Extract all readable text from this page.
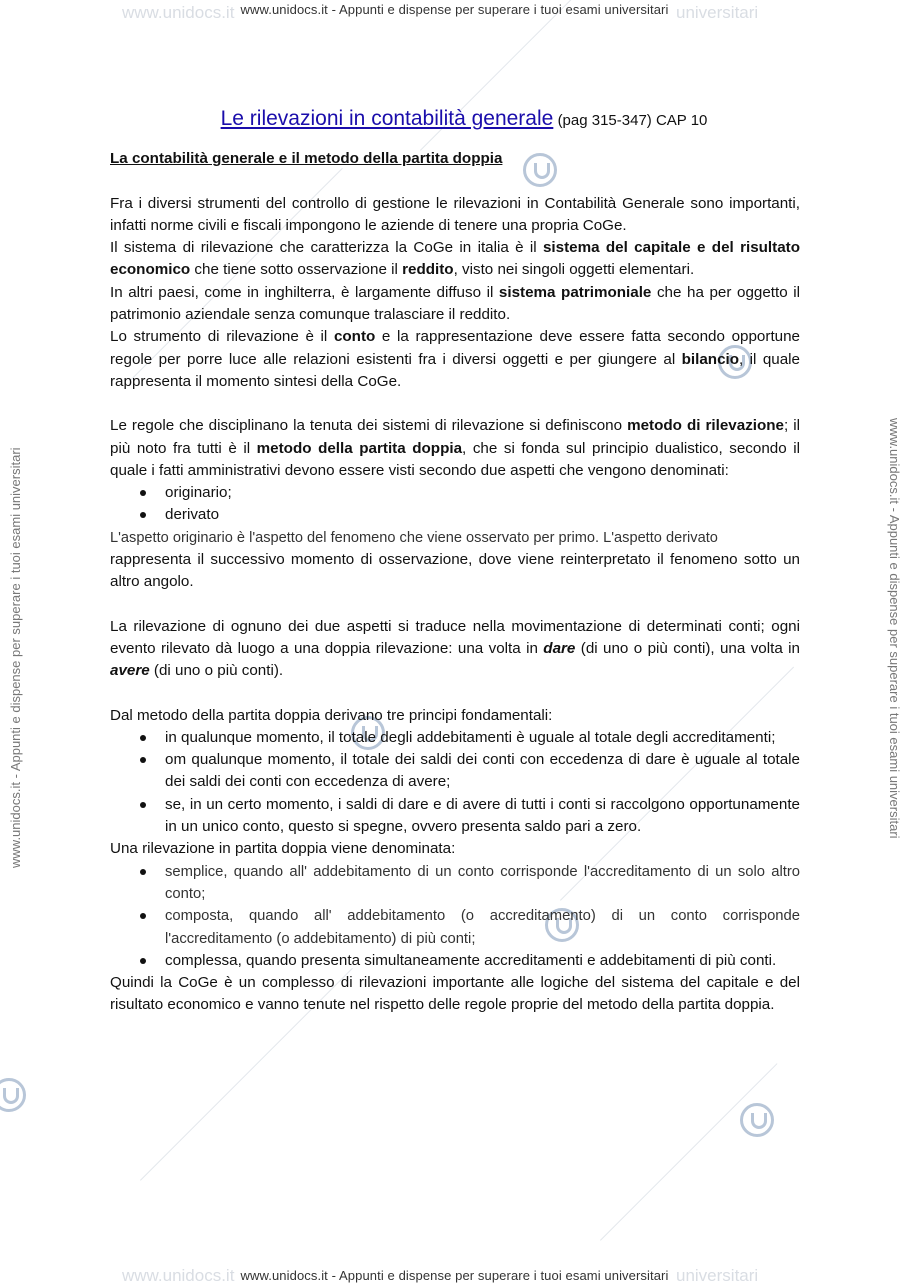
www.unidocs.it	universitari
www.unidocs.it	universitari
www.unidocs.it - Appunti e dispense per superare i tuoi esami universitari
www.unidocs.it - Appunti e dispense per superare i tuoi esami universitari
www.unidocs.it - Appunti e dispense per superare i tuoi esami universitari	www.unidocs.it - Appunti e dispense per superare i tuoi esami universitari
Le rilevazioni in contabilità generale (pag 315-347) CAP 10

La contabilità generale e il metodo della partita doppia

Fra i diversi strumenti del controllo di gestione le rilevazioni in Contabilità Generale sono importanti, infatti norme civili e fiscali impongono le aziende di tenere una propria CoGe.
Il sistema di rilevazione che caratterizza la CoGe in italia è il sistema del capitale e del risultato economico che tiene sotto osservazione il reddito, visto nei singoli oggetti elementari.
In altri paesi, come in inghilterra, è largamente diffuso il sistema patrimoniale che ha per oggetto il patrimonio aziendale senza comunque tralasciare il reddito.
Lo strumento di rilevazione è il conto e la rappresentazione deve essere fatta secondo opportune regole per porre luce alle relazioni esistenti fra i diversi oggetti e per giungere al bilancio, il quale rappresenta il momento sintesi della CoGe.

Le regole che disciplinano la tenuta dei sistemi di rilevazione si definiscono metodo di rilevazione; il più noto fra tutti è il metodo della partita doppia, che si fonda sul principio dualistico, secondo il quale i fatti amministrativi devono essere visti secondo due aspetti che vengono denominati:

originario;
derivato

L'aspetto originario è l'aspetto del fenomeno che viene osservato per primo. L'aspetto derivato

rappresenta il successivo momento di osservazione, dove viene reinterpretato il fenomeno sotto un altro angolo.

La rilevazione di ognuno dei due aspetti si traduce nella movimentazione di determinati conti; ogni evento rilevato dà luogo a una doppia rilevazione: una volta in dare (di uno o più conti), una volta in avere (di uno o più conti).

Dal metodo della partita doppia derivano tre principi fondamentali:

in qualunque momento, il totale degli addebitamenti è uguale al totale degli accreditamenti;
om qualunque momento, il totale dei saldi dei conti con eccedenza di dare è uguale al totale dei saldi dei conti con eccedenza di avere;
se, in un certo momento, i saldi di dare e di avere di tutti i conti si raccolgono opportunamente in un unico conto, questo si spegne, ovvero presenta saldo pari a zero.

Una rilevazione in partita doppia viene denominata:

semplice, quando all' addebitamento di un conto corrisponde l'accreditamento di un solo altro conto;
composta, quando all' addebitamento (o accreditamento) di un conto corrisponde l'accreditamento (o addebitamento) di più conti;
complessa, quando presenta simultaneamente accreditamenti e addebitamenti di più conti.

Quindi la CoGe è un complesso di rilevazioni importante alle logiche del sistema del capitale e del risultato economico e vanno tenute nel rispetto delle regole proprie del metodo della partita doppia.
